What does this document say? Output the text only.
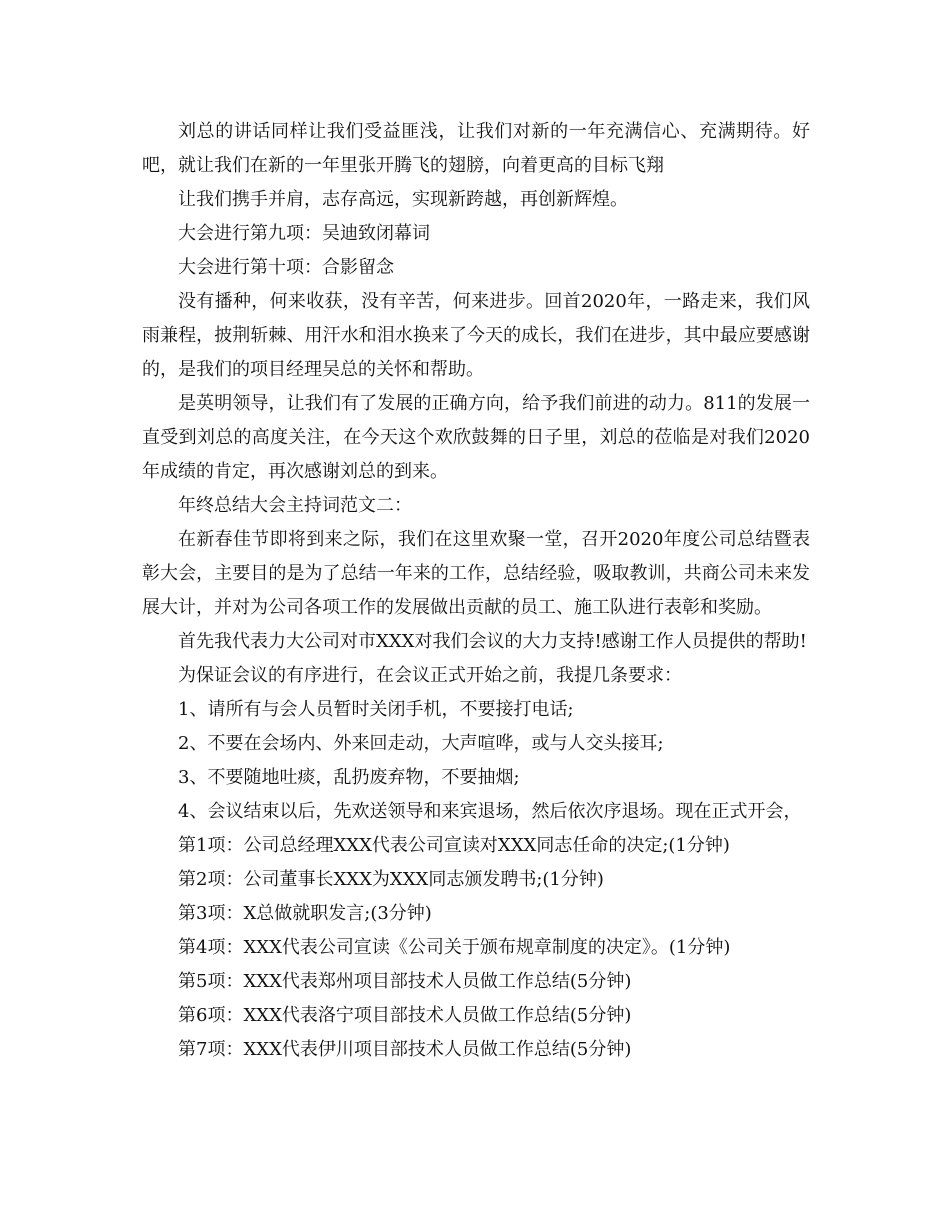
刘总的讲话同样让我们受益匪浅，让我们对新的一年充满信心、充满期待。好吧，就让我们在新的一年里张开腾飞的翅膀，向着更高的目标飞翔

让我们携手并肩，志存高远，实现新跨越，再创新辉煌。

大会进行第九项：吴迪致闭幕词

大会进行第十项：合影留念

没有播种，何来收获，没有辛苦，何来进步。回首2020年，一路走来，我们风雨兼程，披荆斩棘、用汗水和泪水换来了今天的成长，我们在进步，其中最应要感谢的，是我们的项目经理吴总的关怀和帮助。

是英明领导，让我们有了发展的正确方向，给予我们前进的动力。811的发展一直受到刘总的高度关注，在今天这个欢欣鼓舞的日子里，刘总的莅临是对我们2020年成绩的肯定，再次感谢刘总的到来。

年终总结大会主持词范文二：

在新春佳节即将到来之际，我们在这里欢聚一堂，召开2020年度公司总结暨表彰大会，主要目的是为了总结一年来的工作，总结经验，吸取教训，共商公司未来发展大计，并对为公司各项工作的发展做出贡献的员工、施工队进行表彰和奖励。

首先我代表力大公司对市XXX对我们会议的大力支持!感谢工作人员提供的帮助!

为保证会议的有序进行，在会议正式开始之前，我提几条要求：

1、请所有与会人员暂时关闭手机，不要接打电话;

2、不要在会场内、外来回走动，大声喧哗，或与人交头接耳;

3、不要随地吐痰，乱扔废弃物，不要抽烟;

4、会议结束以后，先欢送领导和来宾退场，然后依次序退场。现在正式开会，

第1项：公司总经理XXX代表公司宣读对XXX同志任命的决定;(1分钟)

第2项：公司董事长XXX为XXX同志颁发聘书;(1分钟)

第3项：X总做就职发言;(3分钟)

第4项：XXX代表公司宣读《公司关于颁布规章制度的决定》。(1分钟)

第5项：XXX代表郑州项目部技术人员做工作总结(5分钟)

第6项：XXX代表洛宁项目部技术人员做工作总结(5分钟)

第7项：XXX代表伊川项目部技术人员做工作总结(5分钟)
